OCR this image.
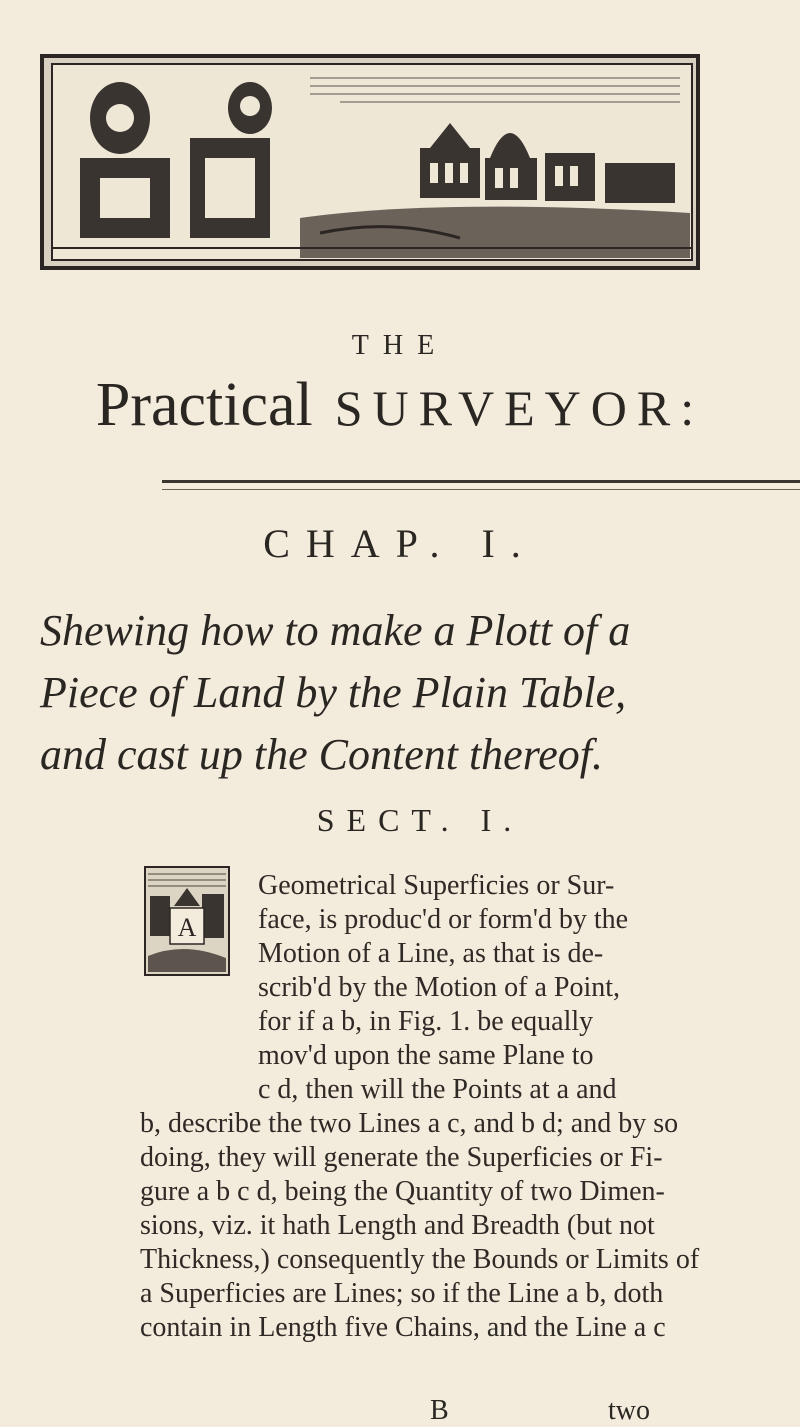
THE
Practical SURVEYOR:
CHAP. I.
Shewing how to make a Plott of a
Piece of Land by the Plain Table,
and cast up the Content thereof.
SECT. I.
A
Geometrical Superficies or Sur-
face, is produc'd or form'd by the
Motion of a Line, as that is de-
scrib'd by the Motion of a Point,
for if a b, in Fig. 1. be equally
mov'd upon the same Plane to
c d, then will the Points at a and
b, describe the two Lines a c, and b d; and by so
doing, they will generate the Superficies or Fi-
gure a b c d, being the Quantity of two Dimen-
sions, viz. it hath Length and Breadth (but not
Thickness,) consequently the Bounds or Limits of
a Superficies are Lines; so if the Line a b, doth
contain in Length five Chains, and the Line a c
B	two
